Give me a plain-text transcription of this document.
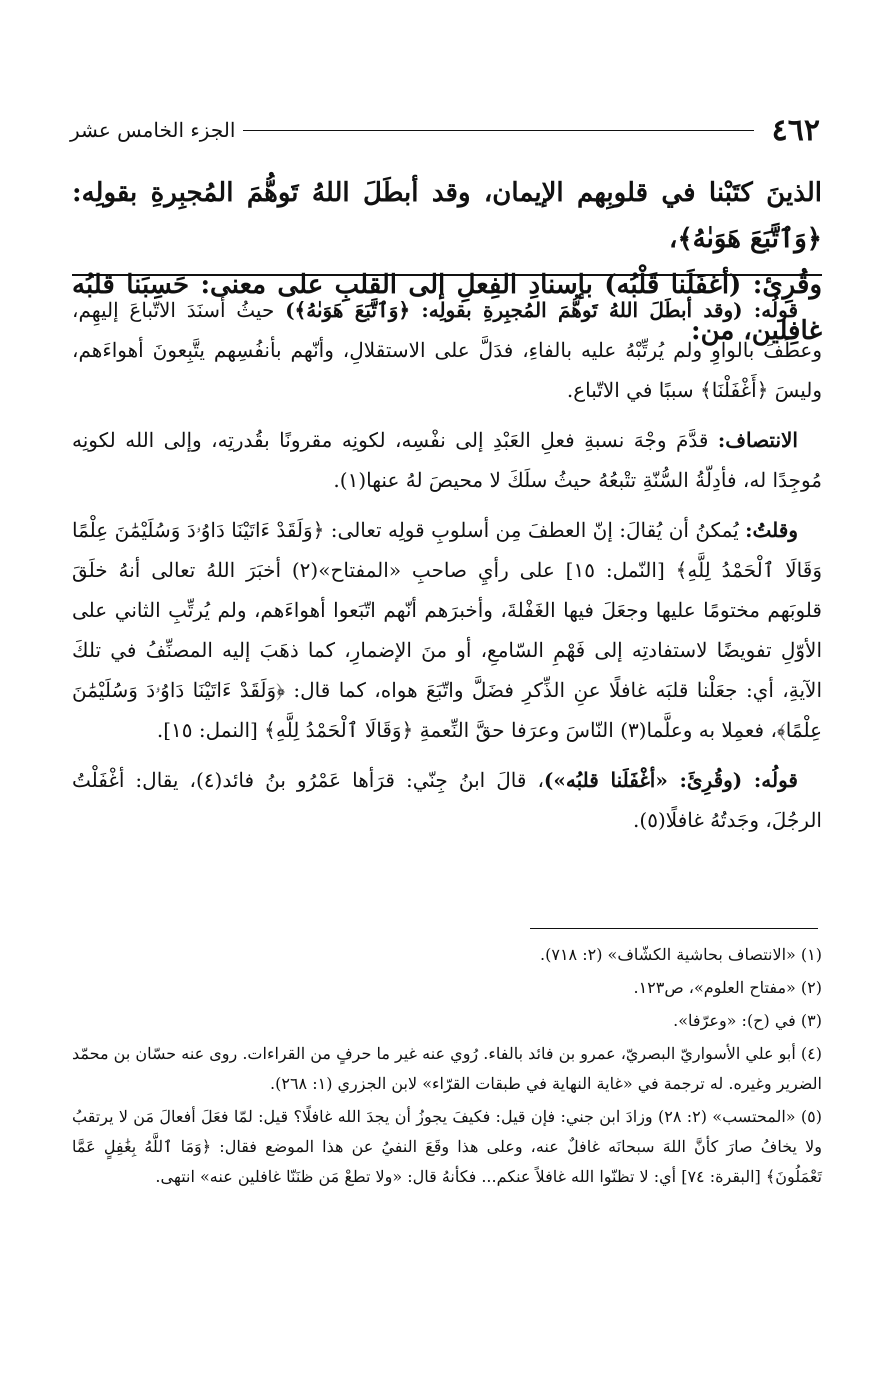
٤٦٢
الجزء الخامس عشر

الذينَ كتَبْنا في قلوبِهم الإيمان، وقد أبطَلَ اللهُ تَوهُّمَ المُجبِرةِ بقولِه: ﴿وَٱتَّبَعَ هَوَىٰهُ﴾،

وقُرِئ: (أغفَلَنا قَلْبُه) بإسنادِ الفِعلِ إلى القلبِ على معنى: حَسِبَنا قلبُه غافِلين، من:

قولُه: (وقد أبطَلَ اللهُ تَوهُّمَ المُجبِرةِ بقولِه: ﴿وَٱتَّبَعَ هَوَىٰهُ﴾) حيثُ أسنَدَ الاتّباعَ إليهِم، وعطَفَ بالواوِ ولم يُرتِّبْهُ عليه بالفاءِ، فدَلَّ على الاستقلالِ، وأنّهم بأنفُسِهم يتَّبِعونَ أهواءَهم، وليسَ ﴿أَغْفَلْنَا﴾ سببًا في الاتّباع.

الانتصاف: قدَّمَ وجْهَ نسبةِ فعلِ العَبْدِ إلى نفْسِه، لكونِه مقرونًا بقُدرتِه، وإلى الله لكونِه مُوجِدًا له، فأدِلّةُ السُّنّةِ تتْبعُهُ حيثُ سلَكَ لا محيصَ لهُ عنها(١).

وقلتُ: يُمكنُ أن يُقالَ: إنّ العطفَ مِن أسلوبِ قولِه تعالى: ﴿وَلَقَدْ ءَاتَيْنَا دَاوُۥدَ وَسُلَيْمَٰنَ عِلْمًا وَقَالَا ٱلْحَمْدُ لِلَّهِ﴾ [النّمل: ١٥] على رأيِ صاحبِ «المفتاح»(٢) أخبَرَ اللهُ تعالى أنهُ خلَقَ قلوبَهم مختومًا عليها وجعَلَ فيها الغَفْلةَ، وأخبرَهم أنّهم اتّبَعوا أهواءَهم، ولم يُرتِّبِ الثاني على الأوّلِ تفويضًا لاستفادتِه إلى فَهْمِ السّامعِ، أو منَ الإضمارِ، كما ذهَبَ إليه المصنِّفُ في تلكَ الآيةِ، أي: جعَلْنا قلبَه غافلًا عنِ الذِّكرِ فضَلَّ واتّبَعَ هواه، كما قال: ﴿وَلَقَدْ ءَاتَيْنَا دَاوُۥدَ وَسُلَيْمَٰنَ عِلْمًا﴾، فعمِلا به وعلَّما(٣) النّاسَ وعرَفا حقَّ النِّعمةِ ﴿وَقَالَا ٱلْحَمْدُ لِلَّهِ﴾ [النمل: ١٥].

قولُه: (وقُرِئَ: «أغْفَلَنا قلبُه»)، قالَ ابنُ جِنّي: قرَأها عَمْرُو بنُ فائد(٤)، يقال: أغْفَلْتُ الرجُلَ، وجَدتُهُ غافلًا(٥).

(١) «الانتصاف بحاشية الكشّاف» (٢: ٧١٨).

(٢) «مفتاح العلوم»، ص١٢٣.

(٣) في (ح): «وعرّفا».

(٤) أبو علي الأسواريّ البصريّ، عمرو بن فائد بالفاء. رُوي عنه غير ما حرفٍ من القراءات. روى عنه حسّان بن محمّد الضرير وغيره. له ترجمة في «غاية النهاية في طبقات القرّاء» لابن الجزري (١: ٢٦٨).

(٥) «المحتسب» (٢: ٢٨) وزادَ ابن جني: فإن قيل: فكيفَ يجوزُ أن يجدَ الله غافلًا؟ قيل: لمّا فعَلَ أفعالَ مَن لا يرتقبُ ولا يخافُ صارَ كأنَّ اللهَ سبحانَه غافلٌ عنه، وعلى هذا وقَعَ النفيُ عن هذا الموضع فقال: ﴿وَمَا ٱللَّهُ بِغَٰفِلٍ عَمَّا تَعْمَلُونَ﴾ [البقرة: ٧٤] أي: لا تظنّوا الله غافلاً عنكم... فكأنهُ قال: «ولا تطعْ مَن ظنَنّا غافلين عنه» انتهى.
